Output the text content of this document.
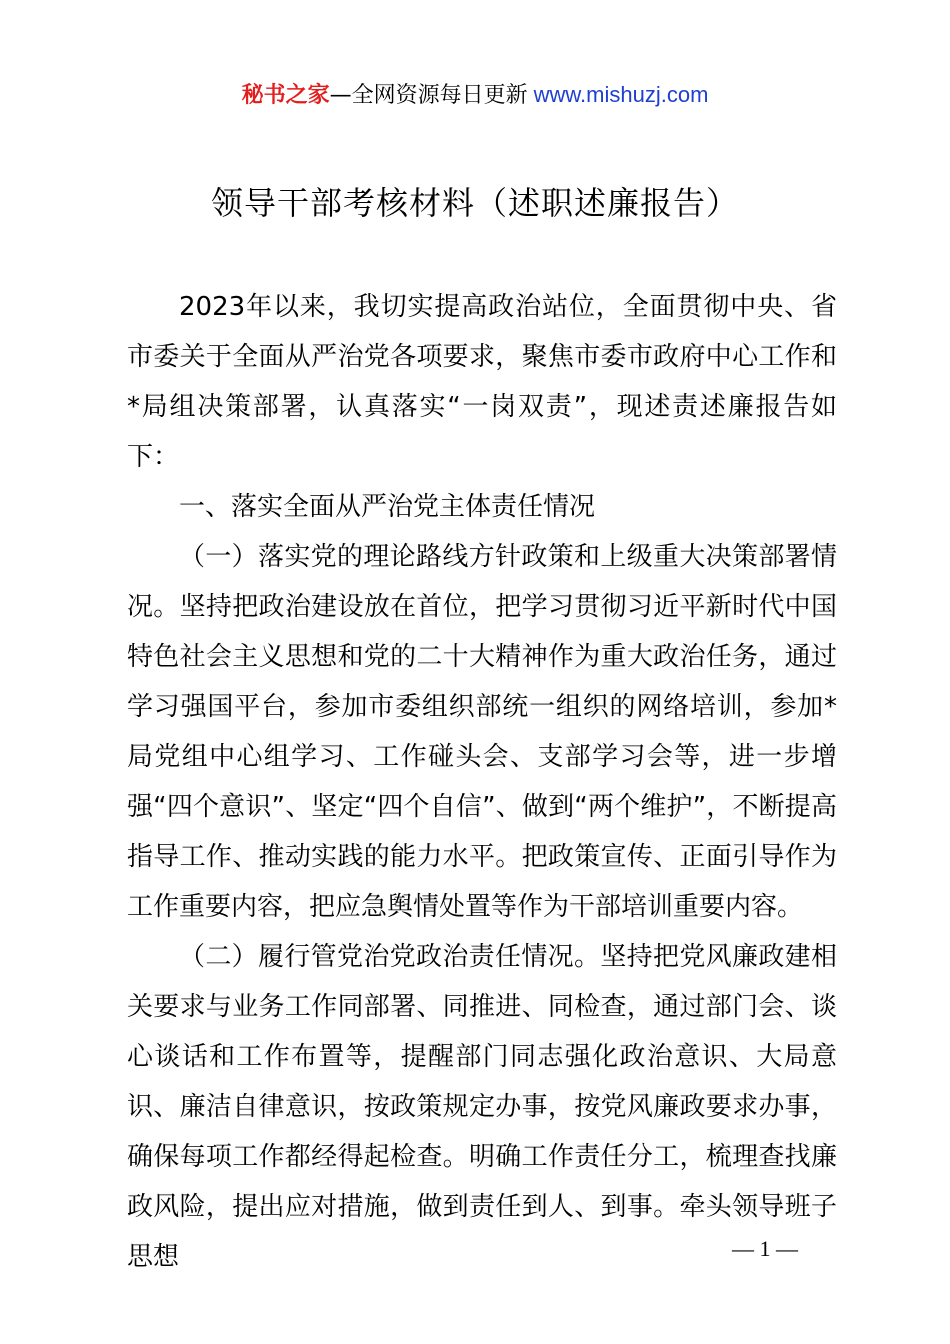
秘书之家—全网资源每日更新 www.mishuzj.com
领导干部考核材料（述职述廉报告）

2023年以来，我切实提高政治站位，全面贯彻中央、省市委关于全面从严治党各项要求，聚焦市委市政府中心工作和*局组决策部署，认真落实“一岗双责”，现述责述廉报告如下：

一、落实全面从严治党主体责任情况

（一）落实党的理论路线方针政策和上级重大决策部署情况。坚持把政治建设放在首位，把学习贯彻习近平新时代中国特色社会主义思想和党的二十大精神作为重大政治任务，通过学习强国平台，参加市委组织部统一组织的网络培训，参加*局党组中心组学习、工作碰头会、支部学习会等，进一步增强“四个意识”、坚定“四个自信”、做到“两个维护”，不断提高指导工作、推动实践的能力水平。把政策宣传、正面引导作为工作重要内容，把应急舆情处置等作为干部培训重要内容。

（二）履行管党治党政治责任情况。坚持把党风廉政建相关要求与业务工作同部署、同推进、同检查，通过部门会、谈心谈话和工作布置等，提醒部门同志强化政治意识、大局意识、廉洁自律意识，按政策规定办事，按党风廉政要求办事，确保每项工作都经得起检查。明确工作责任分工，梳理查找廉政风险，提出应对措施，做到责任到人、到事。牵头领导班子思想	— 1 —
